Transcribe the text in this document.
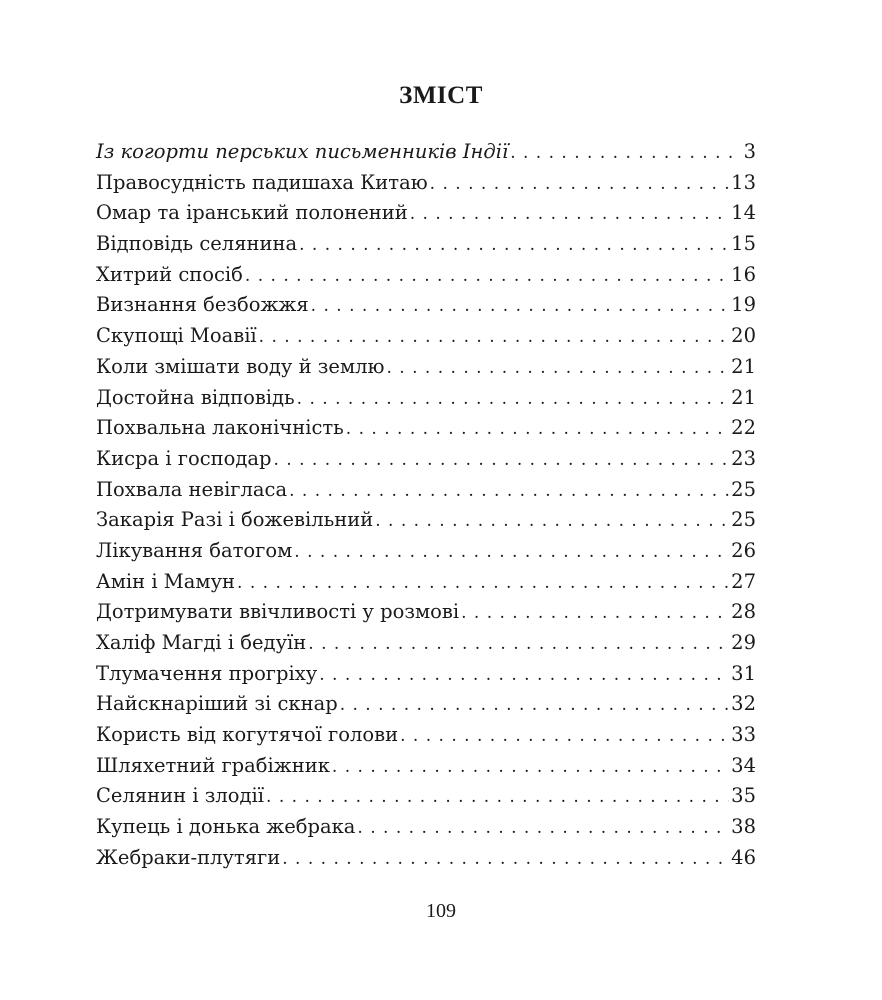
ЗМІСТ
Із когорти перських письменників Індії . . .	3
Правосудність падишаха Китаю . . .	13
Омар та іранський полонений . . .	14
Відповідь селянина . . .	15
Хитрий спосіб . . .	16
Визнання безбожжя . . .	19
Скупощі Моавії . . .	20
Коли змішати воду й землю . . .	21
Достойна відповідь . . .	21
Похвальна лаконічність . . .	22
Кисра і господар . . .	23
Похвала невігласа . . .	25
Закарія Разі і божевільний . . .	25
Лікування батогом . . .	26
Амін і Мамун . . .	27
Дотримувати ввічливості у розмові . . .	28
Халіф Магді і бедуїн . . .	29
Тлумачення прогріху . . .	31
Найскнаріший зі скнар . . .	32
Користь від когутячої голови . . .	33
Шляхетний грабіжник . . .	34
Селянин і злодії . . .	35
Купець і донька жебрака . . .	38
Жебраки-плутяги . . .	46
109
